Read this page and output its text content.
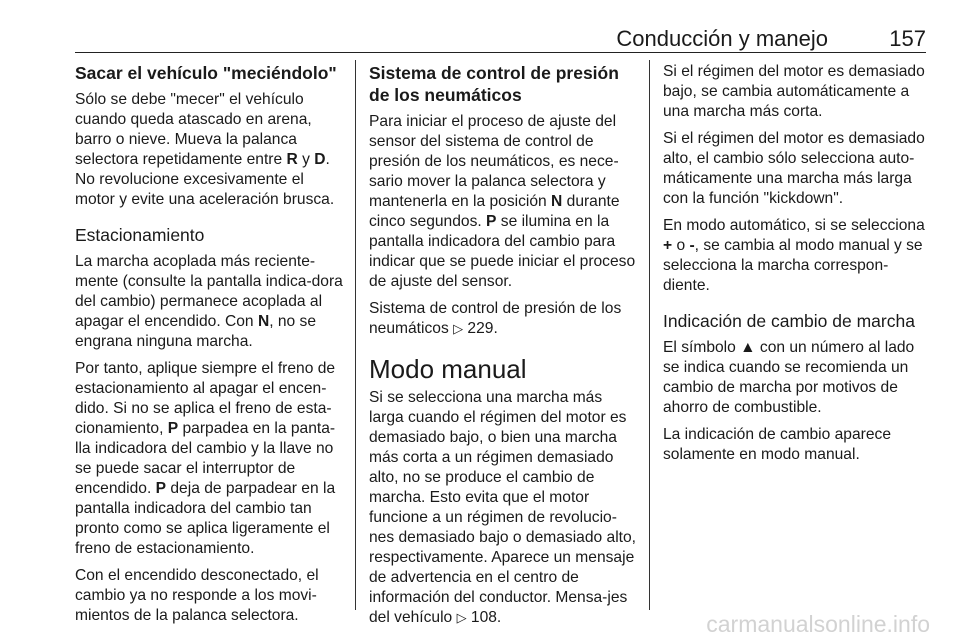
Conducción y manejo	157
Sacar el vehículo "meciéndolo"

Sólo se debe "mecer" el vehículo cuando queda atascado en arena, barro o nieve. Mueva la palanca selectora repetidamente entre R y D. No revolucione excesivamente el motor y evite una aceleración brusca.

Estacionamiento

La marcha acoplada más reciente-mente (consulte la pantalla indica-dora del cambio) permanece acoplada al apagar el encendido. Con N, no se engrana ninguna marcha.

Por tanto, aplique siempre el freno de estacionamiento al apagar el encen-dido. Si no se aplica el freno de esta-cionamiento, P parpadea en la panta-lla indicadora del cambio y la llave no se puede sacar el interruptor de encendido. P deja de parpadear en la pantalla indicadora del cambio tan pronto como se aplica ligeramente el freno de estacionamiento.

Con el encendido desconectado, el cambio ya no responde a los movi-mientos de la palanca selectora.

Sistema de control de presión de los neumáticos

Para iniciar el proceso de ajuste del sensor del sistema de control de presión de los neumáticos, es nece-sario mover la palanca selectora y mantenerla en la posición N durante cinco segundos. P se ilumina en la pantalla indicadora del cambio para indicar que se puede iniciar el proceso de ajuste del sensor.

Sistema de control de presión de los neumáticos ▷ 229.

Modo manual

Si se selecciona una marcha más larga cuando el régimen del motor es demasiado bajo, o bien una marcha más corta a un régimen demasiado alto, no se produce el cambio de marcha. Esto evita que el motor funcione a un régimen de revolucio-nes demasiado bajo o demasiado alto, respectivamente. Aparece un mensaje de advertencia en el centro de información del conductor. Mensa-jes del vehículo ▷ 108.

Si el régimen del motor es demasiado bajo, se cambia automáticamente a una marcha más corta.

Si el régimen del motor es demasiado alto, el cambio sólo selecciona auto-máticamente una marcha más larga con la función "kickdown".

En modo automático, si se selecciona + o -, se cambia al modo manual y se selecciona la marcha correspon-diente.

Indicación de cambio de marcha

El símbolo ▲ con un número al lado se indica cuando se recomienda un cambio de marcha por motivos de ahorro de combustible.

La indicación de cambio aparece solamente en modo manual.

carmanualsonline.info
